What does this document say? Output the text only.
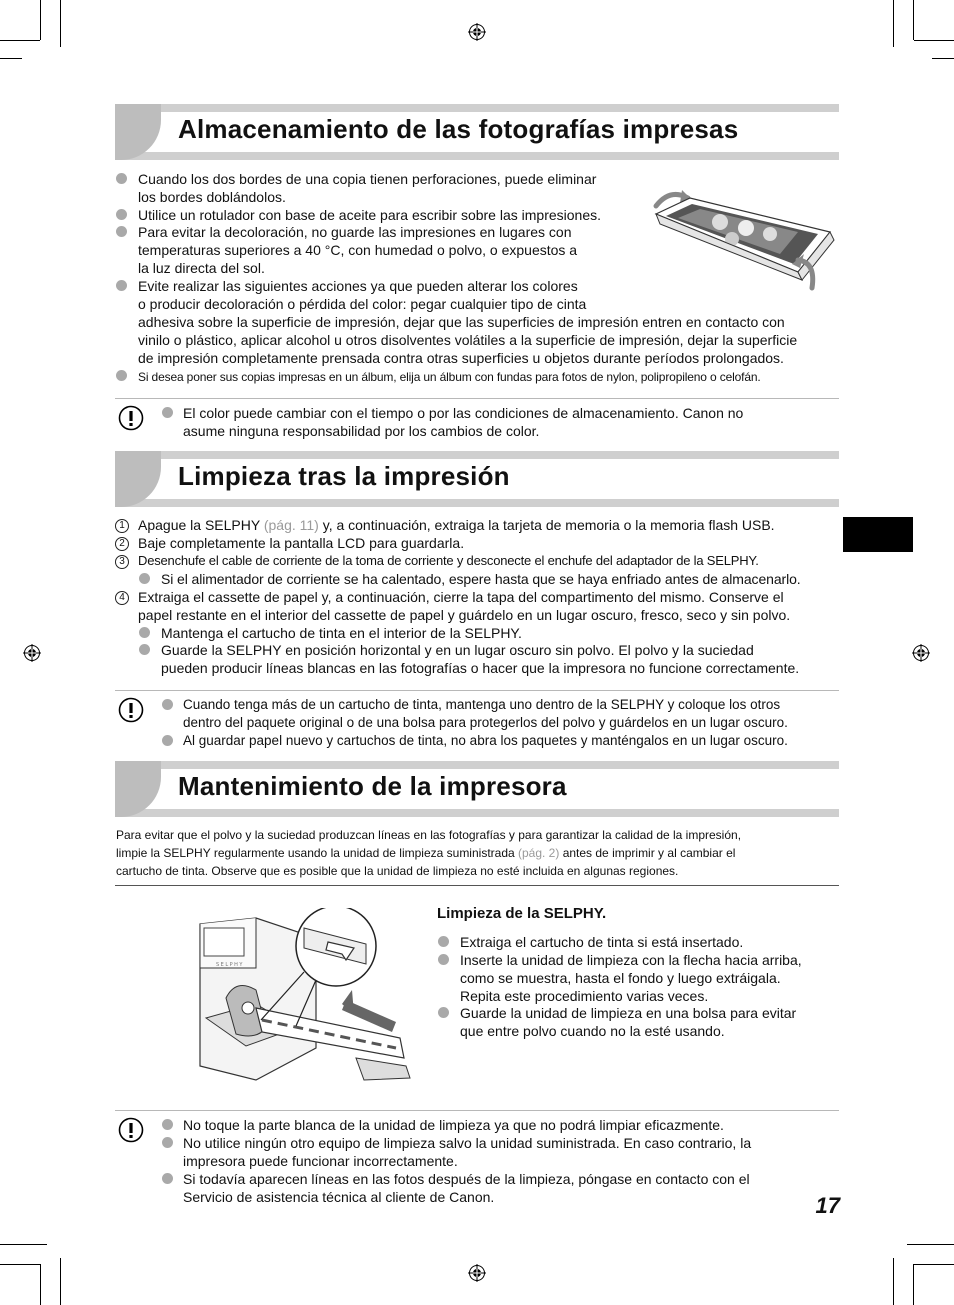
Almacenamiento de las fotografías impresas
Cuando los dos bordes de una copia tienen perforaciones, puede eliminar
los bordes doblándolos.
Utilice un rotulador con base de aceite para escribir sobre las impresiones.
Para evitar la decoloración, no guarde las impresiones en lugares con
temperaturas superiores a 40 °C, con humedad o polvo, o expuestos a
la luz directa del sol.
Evite realizar las siguientes acciones ya que pueden alterar los colores
o producir decoloración o pérdida del color: pegar cualquier tipo de cinta
adhesiva sobre la superficie de impresión, dejar que las superficies de impresión entren en contacto con
vinilo o plástico, aplicar alcohol u otros disolventes volátiles a la superficie de impresión, dejar la superficie
de impresión completamente prensada contra otras superficies u objetos durante períodos prolongados.
Si desea poner sus copias impresas en un álbum, elija un álbum con fundas para fotos de nylon, polipropileno o celofán.
El color puede cambiar con el tiempo o por las condiciones de almacenamiento. Canon no
asume ninguna responsabilidad por los cambios de color.
Limpieza tras la impresión
1 Apague la SELPHY (pág. 11) y, a continuación, extraiga la tarjeta de memoria o la memoria flash USB.
2 Baje completamente la pantalla LCD para guardarla.
3	Desenchufe el cable de corriente de la toma de corriente y desconecte el enchufe del adaptador de la SELPHY.
Si el alimentador de corriente se ha calentado, espere hasta que se haya enfriado antes de almacenarlo.
4 Extraiga el cassette de papel y, a continuación, cierre la tapa del compartimento del mismo. Conserve el
papel restante en el interior del cassette de papel y guárdelo en un lugar oscuro, fresco, seco y sin polvo.
Mantenga el cartucho de tinta en el interior de la SELPHY.
Guarde la SELPHY en posición horizontal y en un lugar oscuro sin polvo. El polvo y la suciedad
pueden producir líneas blancas en las fotografías o hacer que la impresora no funcione correctamente.
Cuando tenga más de un cartucho de tinta, mantenga uno dentro de la SELPHY y coloque los otros
dentro del paquete original o de una bolsa para protegerlos del polvo y guárdelos en un lugar oscuro.
Al guardar papel nuevo y cartuchos de tinta, no abra los paquetes y manténgalos en un lugar oscuro.
Mantenimiento de la impresora
Para evitar que el polvo y la suciedad produzcan líneas en las fotografías y para garantizar la calidad de la impresión,
limpie la SELPHY regularmente usando la unidad de limpieza suministrada (pág. 2) antes de imprimir y al cambiar el
cartucho de tinta. Observe que es posible que la unidad de limpieza no esté incluida en algunas regiones.
SELPHY
Limpieza de la SELPHY.
Extraiga el cartucho de tinta si está insertado.
Inserte la unidad de limpieza con la flecha hacia arriba,
como se muestra, hasta el fondo y luego extráigala.
Repita este procedimiento varias veces.
Guarde la unidad de limpieza en una bolsa para evitar
que entre polvo cuando no la esté usando.
No toque la parte blanca de la unidad de limpieza ya que no podrá limpiar eficazmente.
No utilice ningún otro equipo de limpieza salvo la unidad suministrada. En caso contrario, la
impresora puede funcionar incorrectamente.
Si todavía aparecen líneas en las fotos después de la limpieza, póngase en contacto con el
Servicio de asistencia técnica al cliente de Canon.	17
